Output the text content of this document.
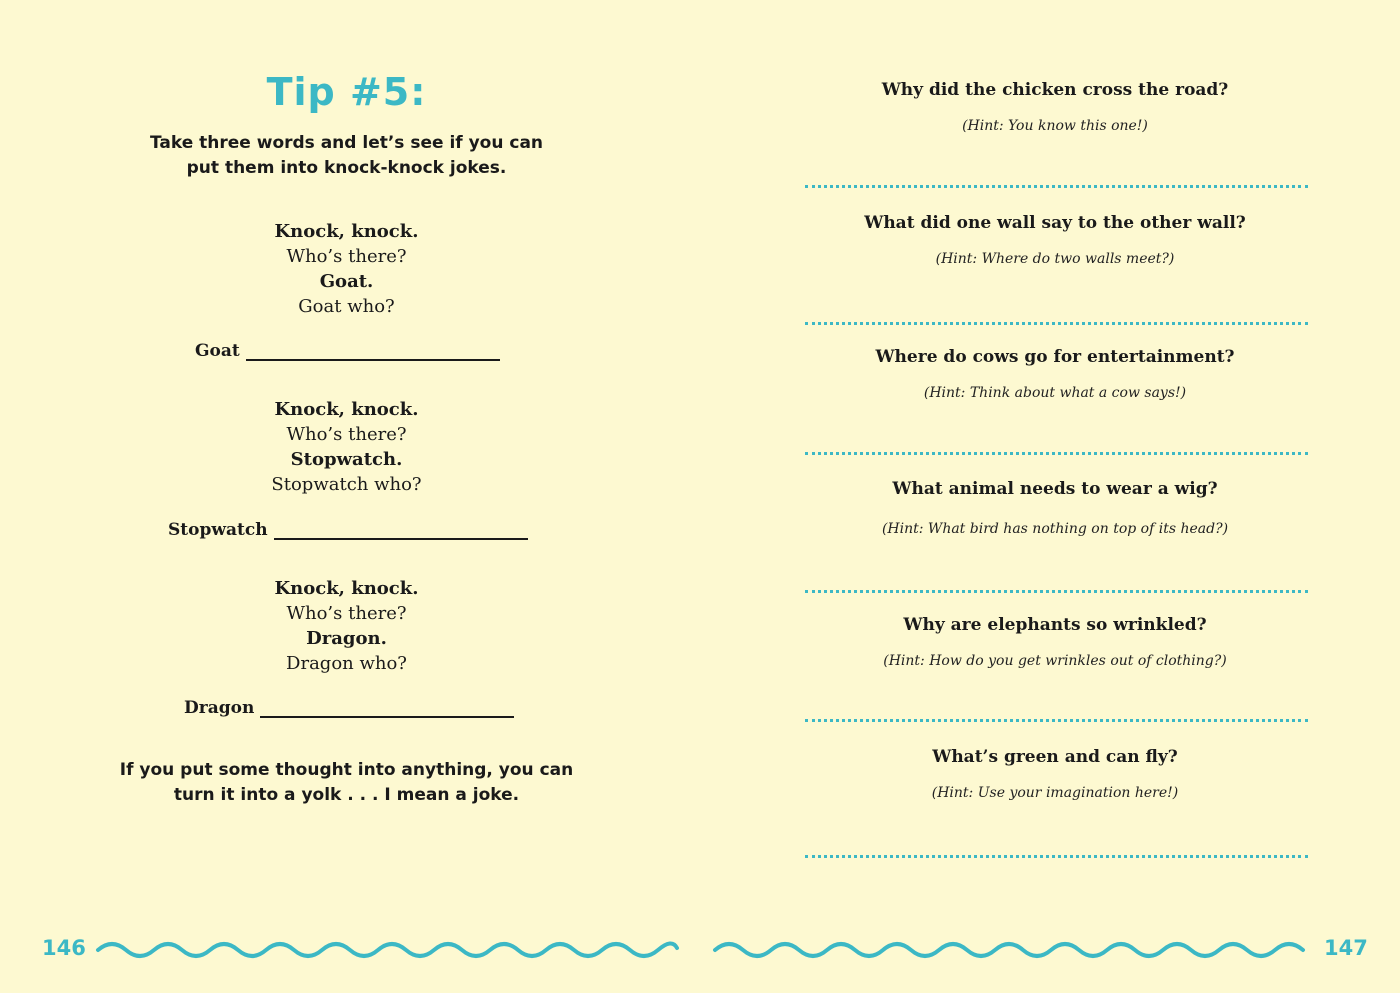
Tip #5:
Take three words and let’s see if you can
put them into knock-knock jokes.
Knock, knock.
Who’s there?
Goat.
Goat who?
Goat
Knock, knock.
Who’s there?
Stopwatch.
Stopwatch who?
Stopwatch
Knock, knock.
Who’s there?
Dragon.
Dragon who?
Dragon
If you put some thought into anything, you can
turn it into a yolk . . . I mean a joke.
146
Why did the chicken cross the road?
(Hint: You know this one!)
What did one wall say to the other wall?
(Hint: Where do two walls meet?)
Where do cows go for entertainment?
(Hint: Think about what a cow says!)
What animal needs to wear a wig?
(Hint: What bird has nothing on top of its head?)
Why are elephants so wrinkled?
(Hint: How do you get wrinkles out of clothing?)
What’s green and can fly?
(Hint: Use your imagination here!)
147
